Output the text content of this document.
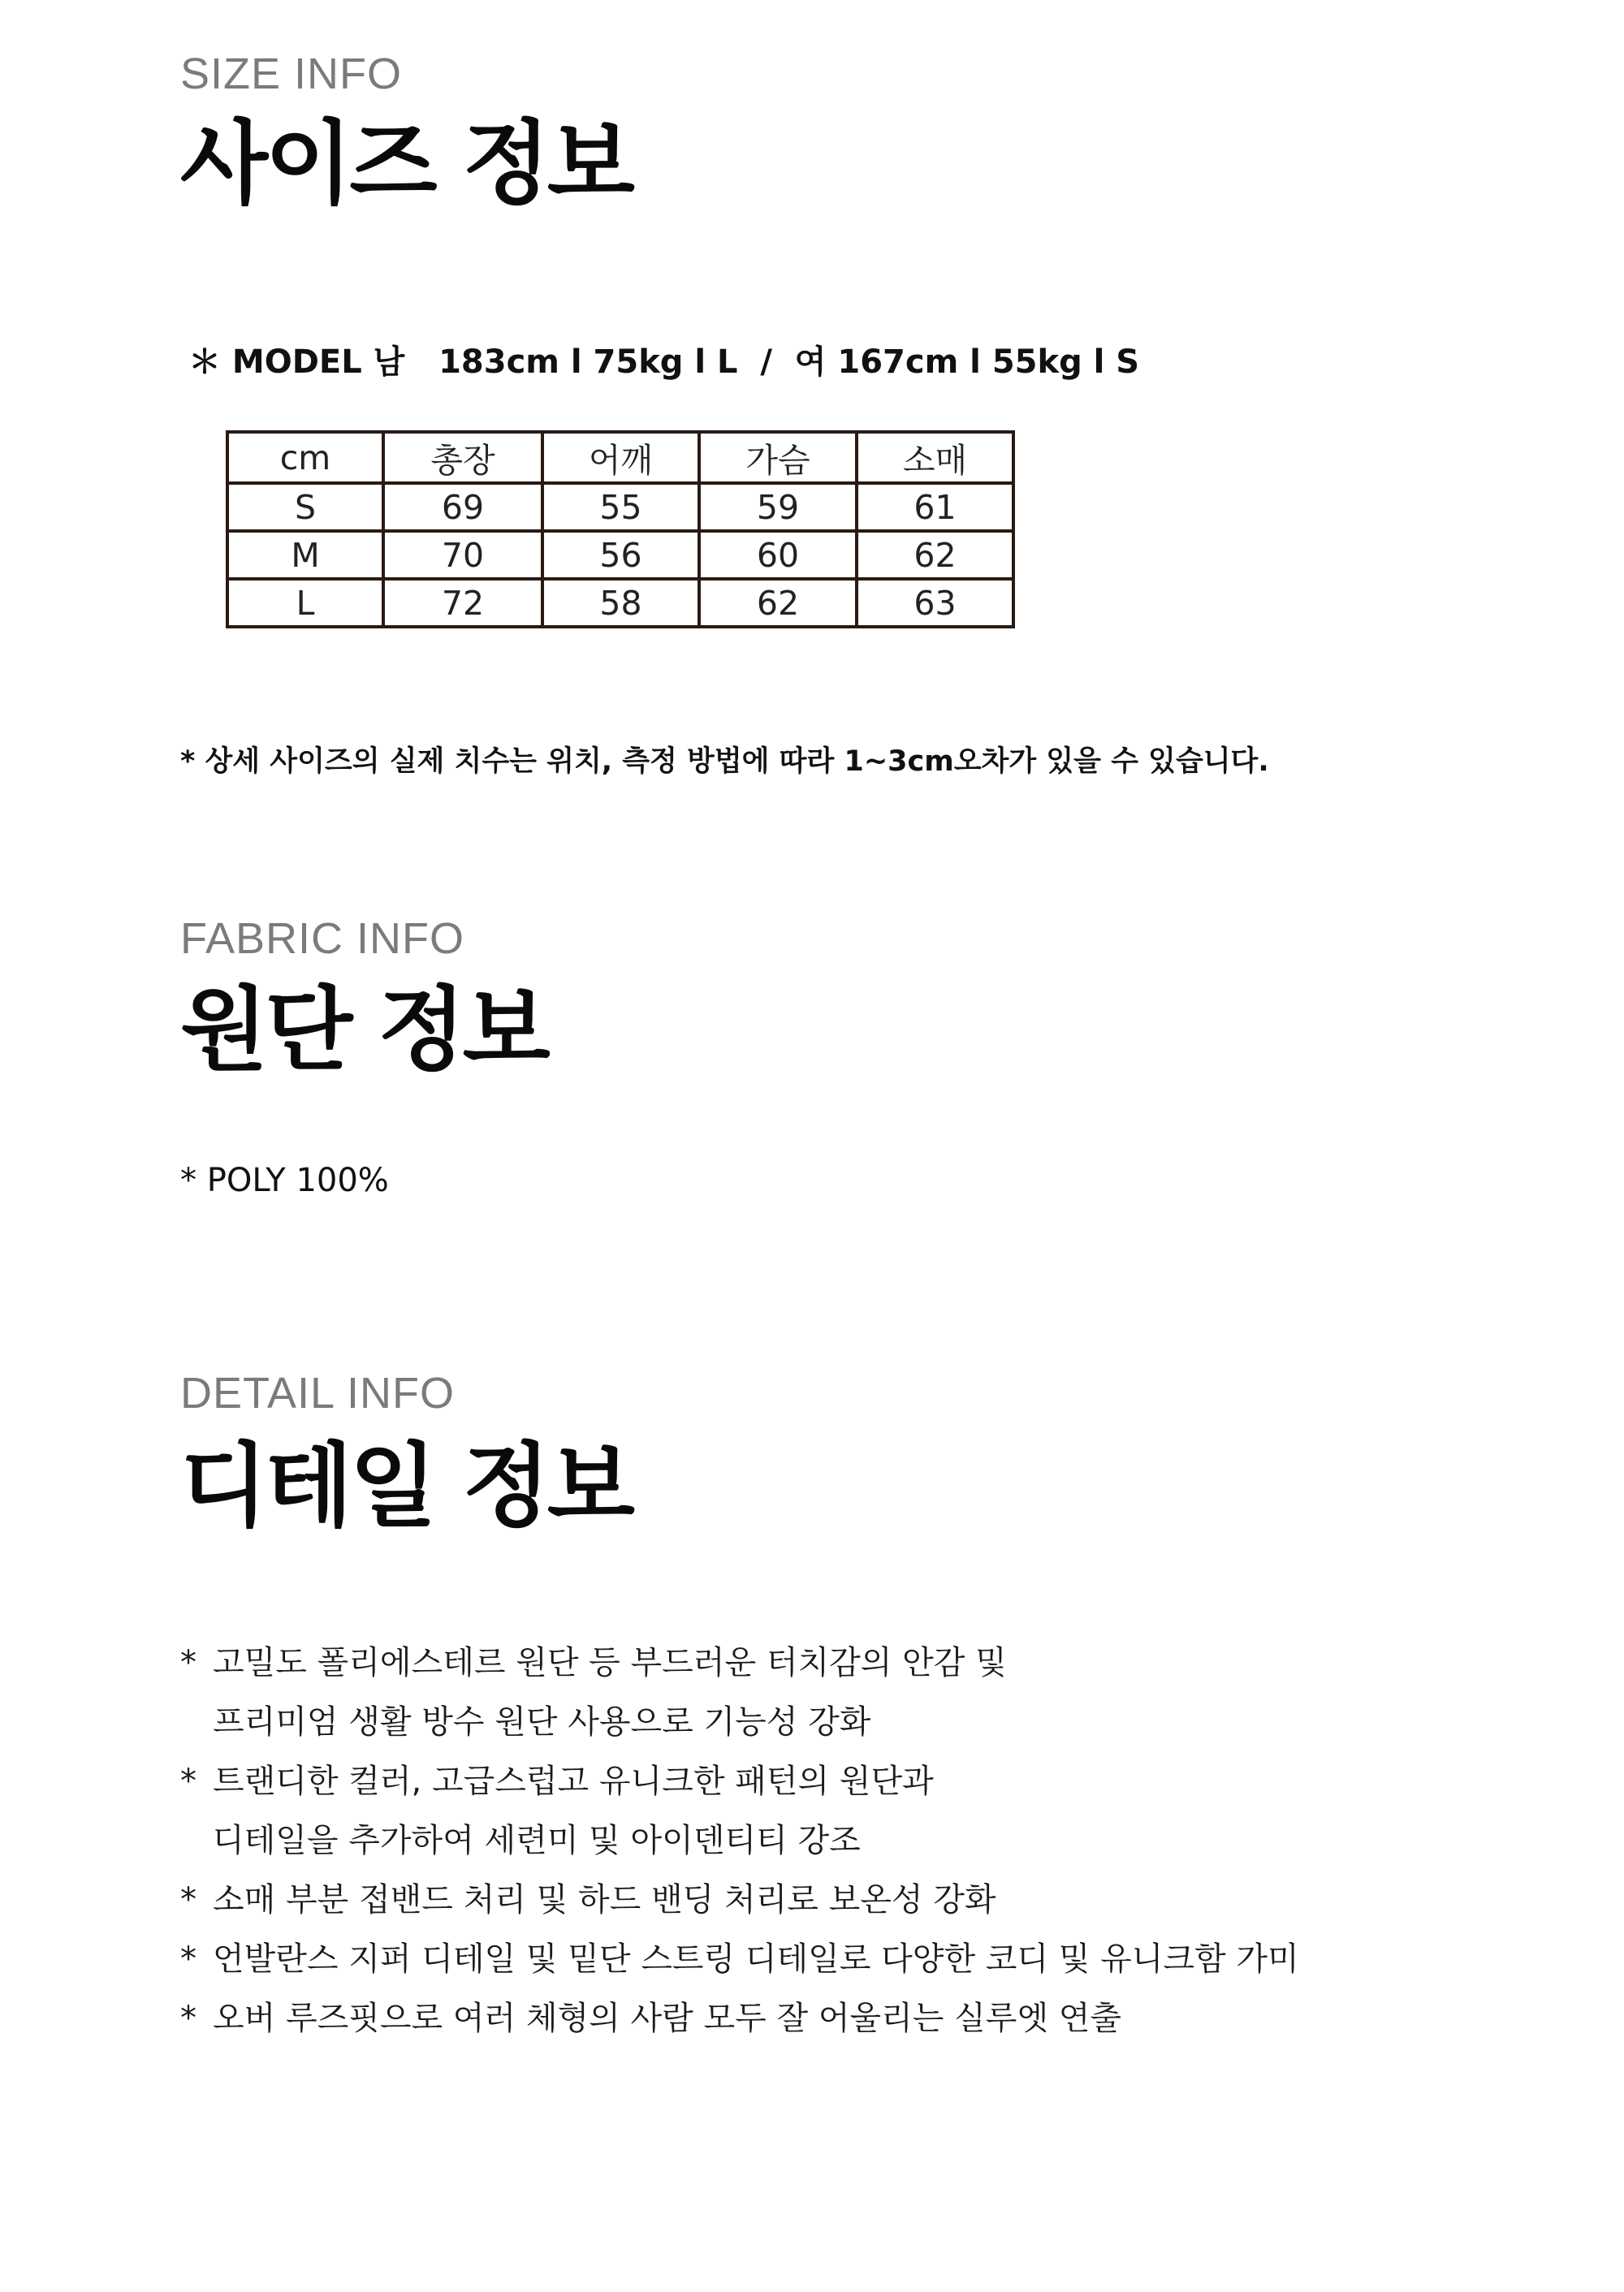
SIZE INFO
사이즈 정보
＊ MODEL 남   183cm l 75kg l L  /  여 167cm l 55kg l S
cm	총장	어깨	가슴	소매
S	69	55	59	61
M	70	56	60	62
L	72	58	62	63
* 상세 사이즈의 실제 치수는 위치, 측정 방법에 따라 1~3cm오차가 있을 수 있습니다.
FABRIC INFO
원단 정보
* POLY 100%
DETAIL INFO
디테일 정보
* 고밀도 폴리에스테르 원단 등 부드러운 터치감의 안감 및
프리미엄 생활 방수 원단 사용으로 기능성 강화
* 트랜디한 컬러, 고급스럽고 유니크한 패턴의 원단과
디테일을 추가하여 세련미 및 아이덴티티 강조
* 소매 부분 접밴드 처리 및 하드 밴딩 처리로 보온성 강화
* 언발란스 지퍼 디테일 및 밑단 스트링 디테일로 다양한 코디 및 유니크함 가미
* 오버 루즈핏으로 여러 체형의 사람 모두 잘 어울리는 실루엣 연출
